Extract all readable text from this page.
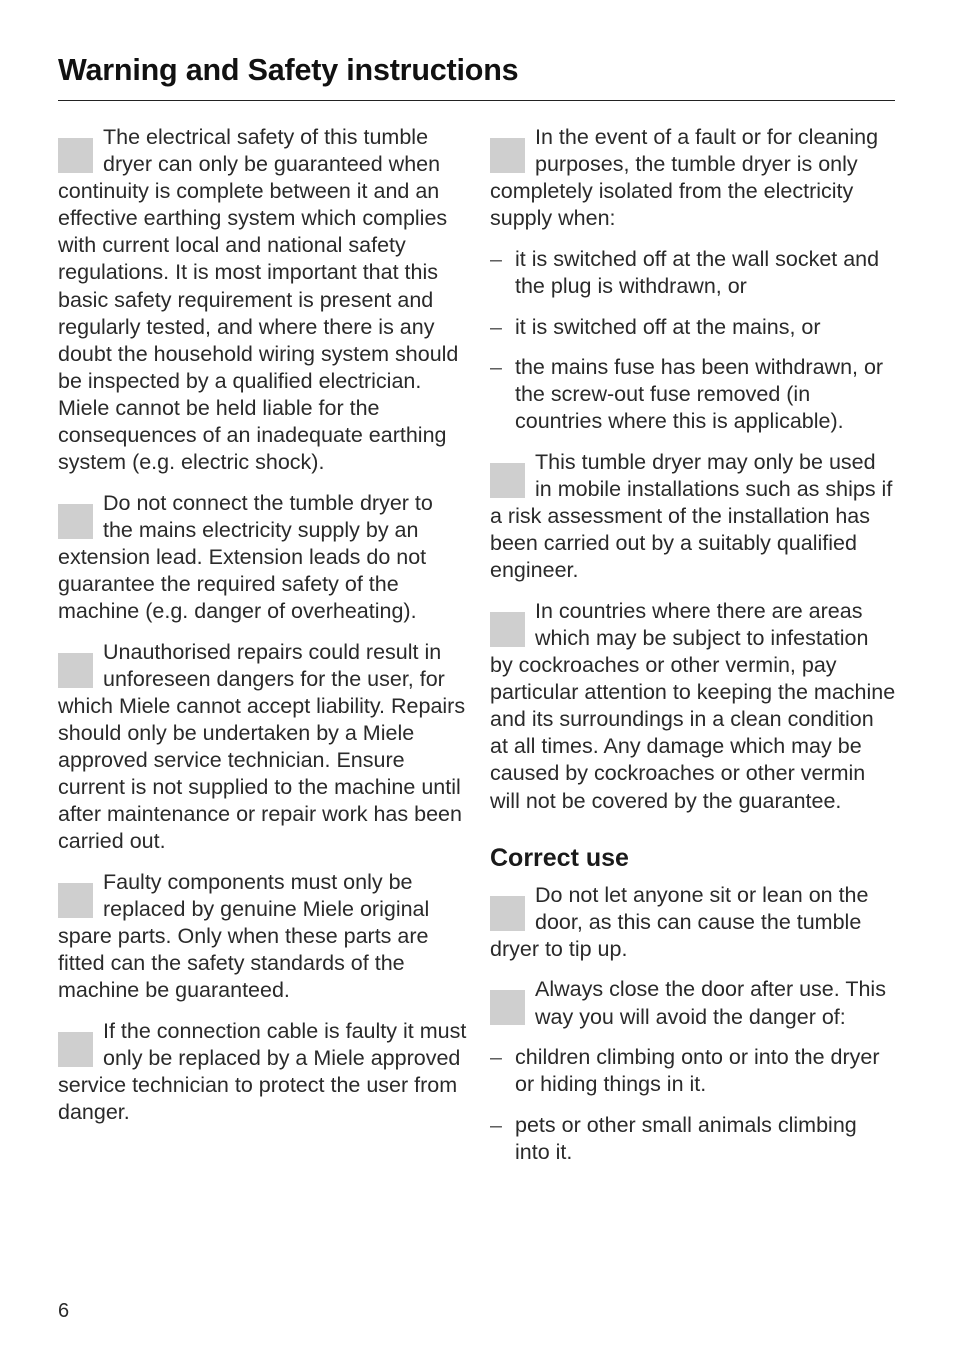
Warning and Safety instructions

The electrical safety of this tumble dryer can only be guaranteed when continuity is complete between it and an effective earthing system which complies with current local and national safety regulations. It is most important that this basic safety requirement is present and regularly tested, and where there is any doubt the household wiring system should be inspected by a qualified electrician. Miele cannot be held liable for the consequences of an inadequate earthing system (e.g. electric shock).

Do not connect the tumble dryer to the mains electricity supply by an extension lead. Extension leads do not guarantee the required safety of the machine (e.g. danger of overheating).

Unauthorised repairs could result in unforeseen dangers for the user, for which Miele cannot accept liability. Repairs should only be undertaken by a Miele approved service technician. Ensure current is not supplied to the machine until after maintenance or repair work has been carried out.

Faulty components must only be replaced by genuine Miele original spare parts. Only when these parts are fitted can the safety standards of the machine be guaranteed.

If the connection cable is faulty it must only be replaced by a Miele approved service technician to protect the user from danger.

In the event of a fault or for cleaning purposes, the tumble dryer is only completely isolated from the electricity supply when:

– it is switched off at the wall socket and the plug is withdrawn, or
– it is switched off at the mains, or
– the mains fuse has been withdrawn, or the screw-out fuse removed (in countries where this is applicable).

This tumble dryer may only be used in mobile installations such as ships if a risk assessment of the installation has been carried out by a suitably qualified engineer.

In countries where there are areas which may be subject to infestation by cockroaches or other vermin, pay particular attention to keeping the machine and its surroundings in a clean condition at all times. Any damage which may be caused by cockroaches or other vermin will not be covered by the guarantee.

Correct use

Do not let anyone sit or lean on the door, as this can cause the tumble dryer to tip up.

Always close the door after use. This way you will avoid the danger of:

– children climbing onto or into the dryer or hiding things in it.
– pets or other small animals climbing into it.
6
